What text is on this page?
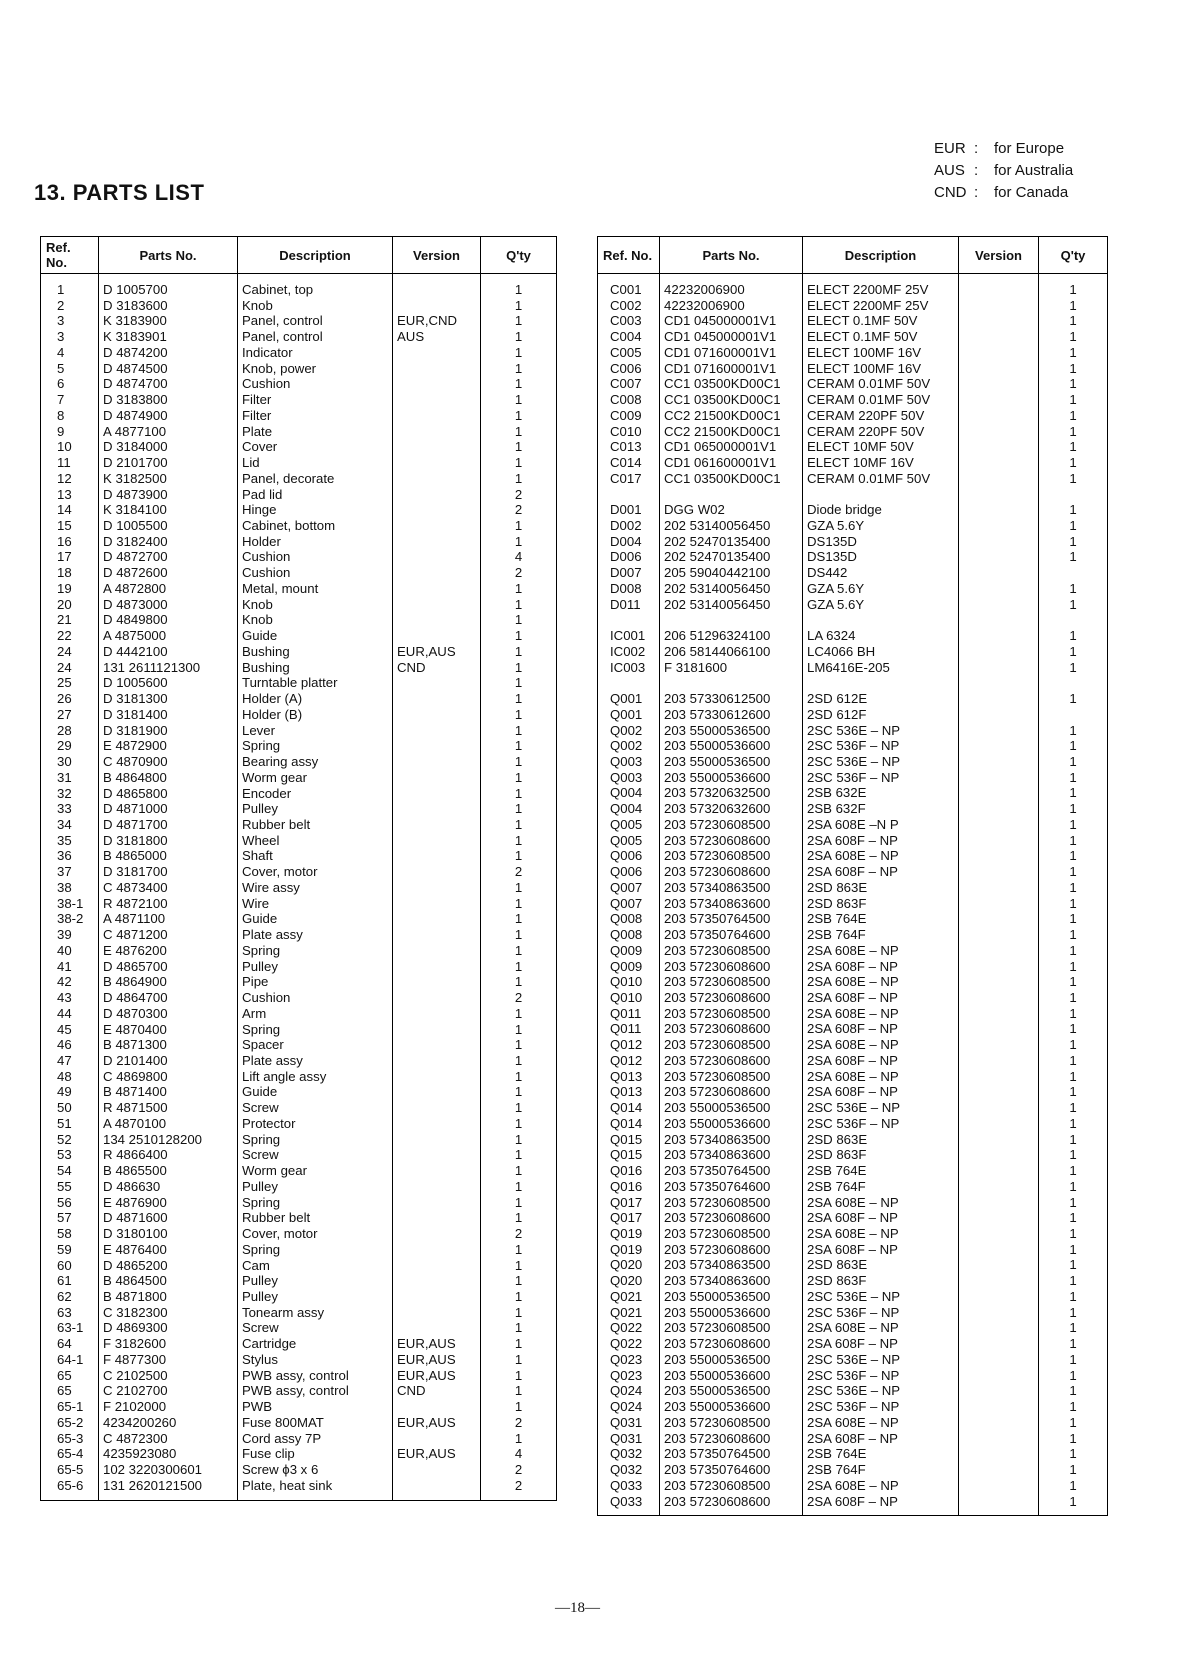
13. PARTS LIST
EUR :	for Europe
AUS :	for Australia
CND :	for Canada
Ref. No.	Parts No.	Description	Version	Q'ty
1	D 1005700	Cabinet, top		1
2	D 3183600	Knob		1
3	K 3183900	Panel, control	EUR,CND	1
3	K 3183901	Panel, control	AUS	1
4	D 4874200	Indicator		1
5	D 4874500	Knob, power		1
6	D 4874700	Cushion		1
7	D 3183800	Filter		1
8	D 4874900	Filter		1
9	A 4877100	Plate		1
10	D 3184000	Cover		1
11	D 2101700	Lid		1
12	K 3182500	Panel, decorate		1
13	D 4873900	Pad lid		2
14	K 3184100	Hinge		2
15	D 1005500	Cabinet, bottom		1
16	D 3182400	Holder		1
17	D 4872700	Cushion		4
18	D 4872600	Cushion		2
19	A 4872800	Metal, mount		1
20	D 4873000	Knob		1
21	D 4849800	Knob		1
22	A 4875000	Guide		1
24	D 4442100	Bushing	EUR,AUS	1
24	131 2611121300	Bushing	CND	1
25	D 1005600	Turntable platter		1
26	D 3181300	Holder (A)		1
27	D 3181400	Holder (B)		1
28	D 3181900	Lever		1
29	E 4872900	Spring		1
30	C 4870900	Bearing assy		1
31	B 4864800	Worm gear		1
32	D 4865800	Encoder		1
33	D 4871000	Pulley		1
34	D 4871700	Rubber belt		1
35	D 3181800	Wheel		1
36	B 4865000	Shaft		1
37	D 3181700	Cover, motor		2
38	C 4873400	Wire assy		1
38-1	R 4872100	Wire		1
38-2	A 4871100	Guide		1
39	C 4871200	Plate assy		1
40	E 4876200	Spring		1
41	D 4865700	Pulley		1
42	B 4864900	Pipe		1
43	D 4864700	Cushion		2
44	D 4870300	Arm		1
45	E 4870400	Spring		1
46	B 4871300	Spacer		1
47	D 2101400	Plate assy		1
48	C 4869800	Lift angle assy		1
49	B 4871400	Guide		1
50	R 4871500	Screw		1
51	A 4870100	Protector		1
52	134 2510128200	Spring		1
53	R 4866400	Screw		1
54	B 4865500	Worm gear		1
55	D 486630	Pulley		1
56	E 4876900	Spring		1
57	D 4871600	Rubber belt		1
58	D 3180100	Cover, motor		2
59	E 4876400	Spring		1
60	D 4865200	Cam		1
61	B 4864500	Pulley		1
62	B 4871800	Pulley		1
63	C 3182300	Tonearm assy		1
63-1	D 4869300	Screw		1
64	F 3182600	Cartridge	EUR,AUS	1
64-1	F 4877300	Stylus	EUR,AUS	1
65	C 2102500	PWB assy, control	EUR,AUS	1
65	C 2102700	PWB assy, control	CND	1
65-1	F 2102000	PWB		1
65-2	4234200260	Fuse 800MAT	EUR,AUS	2
65-3	C 4872300	Cord assy 7P		1
65-4	4235923080	Fuse clip	EUR,AUS	4
65-5	102 3220300601	Screw ϕ3 x 6		2
65-6	131 2620121500	Plate, heat sink		2
Ref. No.	Parts No.	Description	Version	Q'ty
C001	42232006900	ELECT 2200MF 25V		1
C002	42232006900	ELECT 2200MF 25V		1
C003	CD1 045000001V1	ELECT 0.1MF 50V		1
C004	CD1 045000001V1	ELECT 0.1MF 50V		1
C005	CD1 071600001V1	ELECT 100MF 16V		1
C006	CD1 071600001V1	ELECT 100MF 16V		1
C007	CC1 03500KD00C1	CERAM 0.01MF 50V		1
C008	CC1 03500KD00C1	CERAM 0.01MF 50V		1
C009	CC2 21500KD00C1	CERAM 220PF 50V		1
C010	CC2 21500KD00C1	CERAM 220PF 50V		1
C013	CD1 065000001V1	ELECT 10MF 50V		1
C014	CD1 061600001V1	ELECT 10MF 16V		1
C017	CC1 03500KD00C1	CERAM 0.01MF 50V		1

D001	DGG W02	Diode bridge		1
D002	202 53140056450	GZA 5.6Y		1
D004	202 52470135400	DS135D		1
D006	202 52470135400	DS135D		1
D007	205 59040442100	DS442		
D008	202 53140056450	GZA 5.6Y		1
D011	202 53140056450	GZA 5.6Y		1

IC001	206 51296324100	LA 6324		1
IC002	206 58144066100	LC4066 BH		1
IC003	F 3181600	LM6416E-205		1

Q001	203 57330612500	2SD 612E		1
Q001	203 57330612600	2SD 612F		
Q002	203 55000536500	2SC 536E – NP		1
Q002	203 55000536600	2SC 536F – NP		1
Q003	203 55000536500	2SC 536E – NP		1
Q003	203 55000536600	2SC 536F – NP		1
Q004	203 57320632500	2SB 632E		1
Q004	203 57320632600	2SB 632F		1
Q005	203 57230608500	2SA 608E –N P		1
Q005	203 57230608600	2SA 608F – NP		1
Q006	203 57230608500	2SA 608E – NP		1
Q006	203 57230608600	2SA 608F – NP		1
Q007	203 57340863500	2SD 863E		1
Q007	203 57340863600	2SD 863F		1
Q008	203 57350764500	2SB 764E		1
Q008	203 57350764600	2SB 764F		1
Q009	203 57230608500	2SA 608E – NP		1
Q009	203 57230608600	2SA 608F – NP		1
Q010	203 57230608500	2SA 608E – NP		1
Q010	203 57230608600	2SA 608F – NP		1
Q011	203 57230608500	2SA 608E – NP		1
Q011	203 57230608600	2SA 608F – NP		1
Q012	203 57230608500	2SA 608E – NP		1
Q012	203 57230608600	2SA 608F – NP		1
Q013	203 57230608500	2SA 608E – NP		1
Q013	203 57230608600	2SA 608F – NP		1
Q014	203 55000536500	2SC 536E – NP		1
Q014	203 55000536600	2SC 536F – NP		1
Q015	203 57340863500	2SD 863E		1
Q015	203 57340863600	2SD 863F		1
Q016	203 57350764500	2SB 764E		1
Q016	203 57350764600	2SB 764F		1
Q017	203 57230608500	2SA 608E – NP		1
Q017	203 57230608600	2SA 608F – NP		1
Q019	203 57230608500	2SA 608E – NP		1
Q019	203 57230608600	2SA 608F – NP		1
Q020	203 57340863500	2SD 863E		1
Q020	203 57340863600	2SD 863F		1
Q021	203 55000536500	2SC 536E – NP		1
Q021	203 55000536600	2SC 536F – NP		1
Q022	203 57230608500	2SA 608E – NP		1
Q022	203 57230608600	2SA 608F – NP		1
Q023	203 55000536500	2SC 536E – NP		1
Q023	203 55000536600	2SC 536F – NP		1
Q024	203 55000536500	2SC 536E – NP		1
Q024	203 55000536600	2SC 536F – NP		1
Q031	203 57230608500	2SA 608E – NP		1
Q031	203 57230608600	2SA 608F – NP		1
Q032	203 57350764500	2SB 764E		1
Q032	203 57350764600	2SB 764F		1
Q033	203 57230608500	2SA 608E – NP		1
Q033	203 57230608600	2SA 608F – NP		1
—18—
